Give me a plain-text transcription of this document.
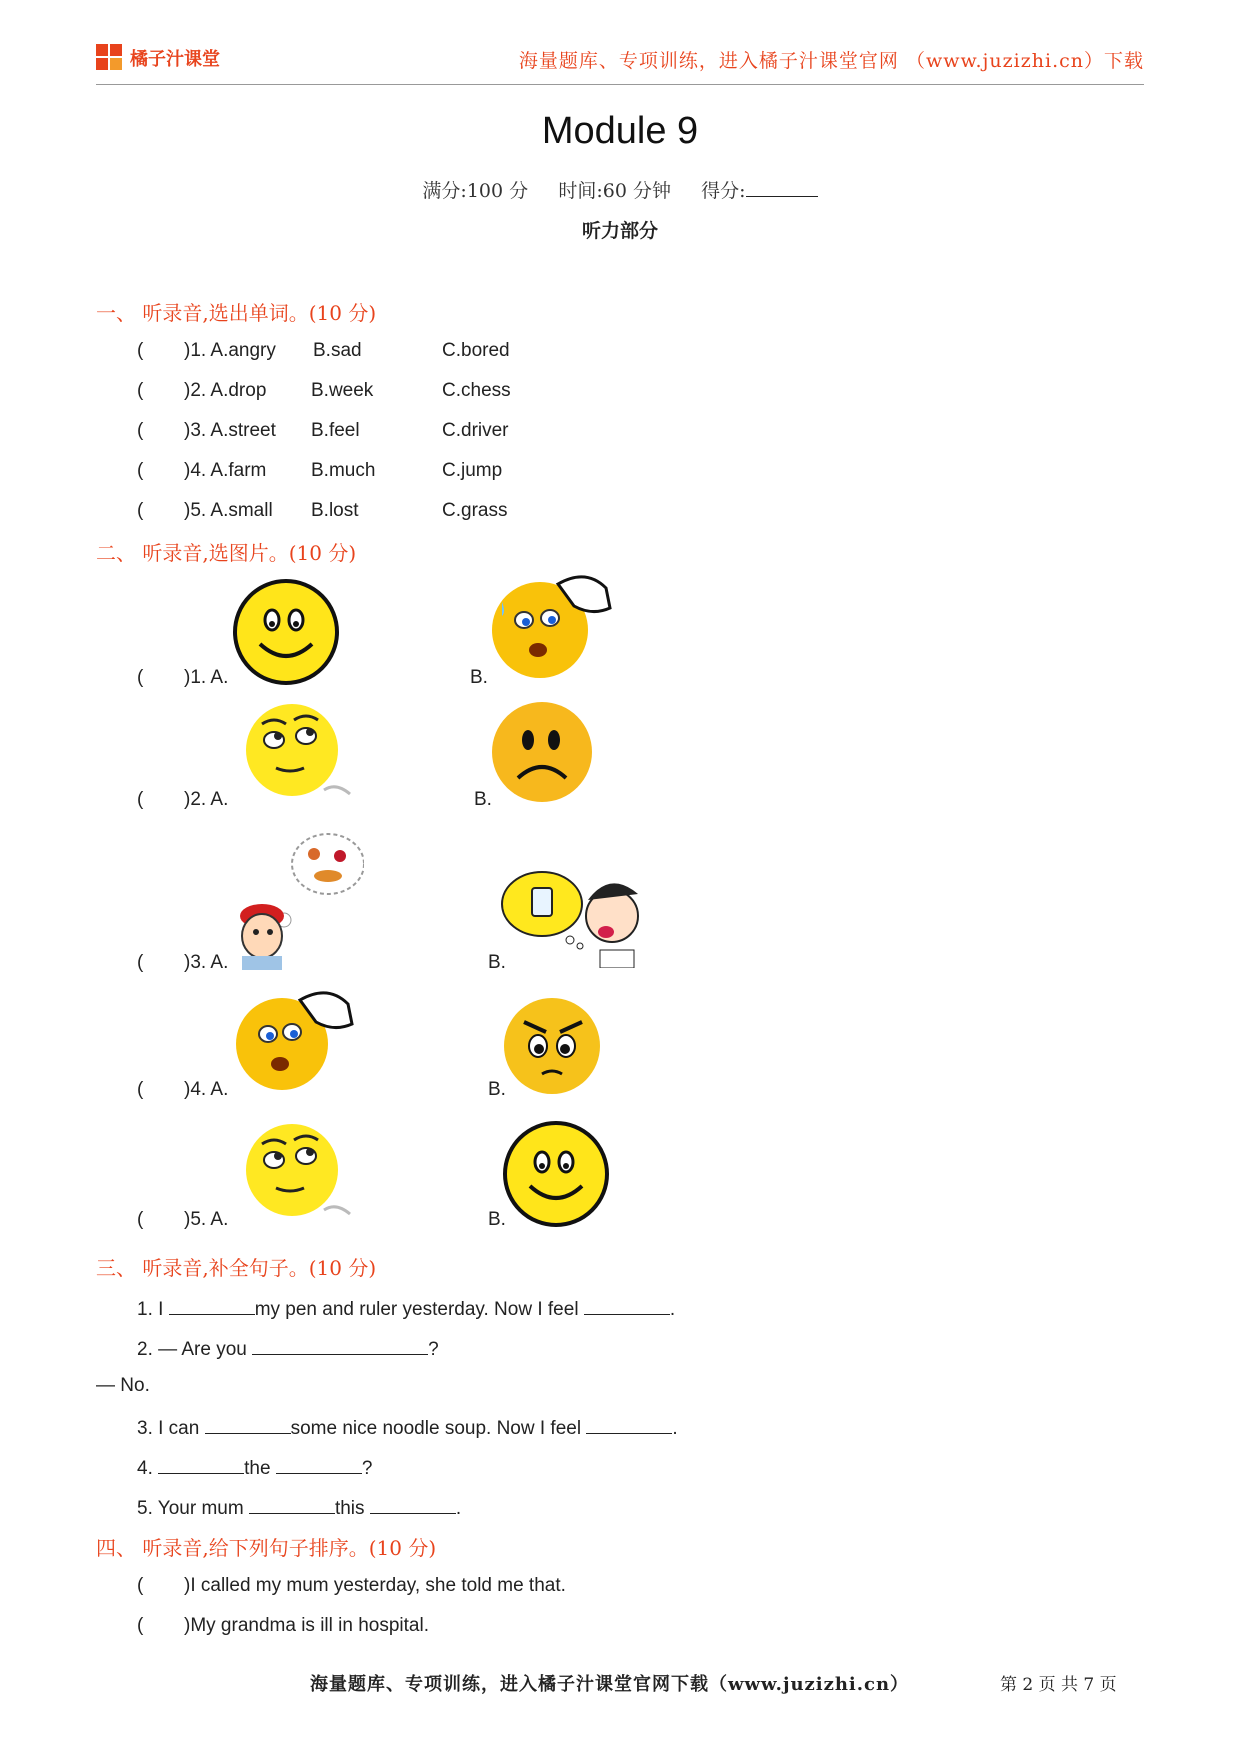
橘子汁课堂	海量题库、专项训练，进入橘子汁课堂官网 （www.juzizhi.cn）下载
Module 9
满分:100 分 时间:60 分钟 得分:
听力部分
一、 听录音,选出单词。(10 分)
( )1. A.angry B.sad	C.bored
( )2. A.drop B.week	C.chess
( )3. A.street B.feel	C.driver
( )4. A.farm B.much	C.jump
( )5. A.small B.lost	C.grass
二、 听录音,选图片。(10 分)
( )1. A.	B.
( )2. A.	B.
( )3. A.	B.
( )4. A.	B.
( )5. A.	B.
三、 听录音,补全句子。(10 分)
1. I	my pen and ruler yesterday. Now I feel	.
2. — Are you	?
— No.
3. I can	some nice noodle soup. Now I feel	.
4.	the	?
5. Your mum	this	.
四、 听录音,给下列句子排序。(10 分)
( )I called my mum yesterday, she told me that.
( )My grandma is ill in hospital.
海量题库、专项训练，进入橘子汁课堂官网下载（www.juzizhi.cn）	第 2 页 共 7 页
